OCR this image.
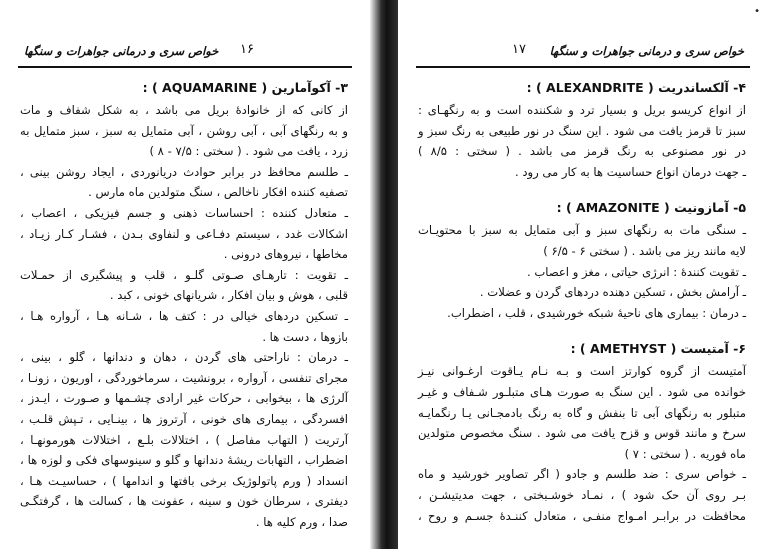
۱۶
خواص سری و درمانی جواهرات و سنگها
۳- آکوآمارین ( AQUAMARINE ) :
از کانی که از خانوادهٔ بریل می باشد ، به شکل شفاف و مات
و به رنگهای آبی ، آبی روشن ، آبی متمایل به سبز ، سبز متمایل به
زرد ، یافت می شود . ( سختی : ۷/۵ - ۸ )
ـ طلسم محافظ در برابر حوادث دریانوردی ، ایجاد روشن بینی ،
تصفیه کننده افکار ناخالص ، سنگ متولدین ماه مارس .
ـ متعادل کننده : احساسات ذهنی و جسم فیزیکی ، اعصاب ،
اشکالات غدد ، سیستم دفـاعی و لنفاوی بـدن ، فشـار کـار زیـاد ،
مخاطها ، نیروهای درونی .
ـ تقویت : تارهـای صـوتی گلـو ، قلب و پیشگیری از حمـلات
قلبی ، هوش و بیان افکار ، شریانهای خونی ، کبد .
ـ تسکین دردهای خیالی در : کتف ها ، شـانه هـا ، آرواره هـا ،
بازوها ، دست ها .
ـ درمان : ناراحتی های گردن ، دهان و دندانها ، گلو ، بینی ،
مجرای تنفسی ، آرواره ، برونشیت ، سرماخوردگی ، اوریون ، زونـا ،
آلرژی ها ، بیخوابی ، حرکات غیر ارادی چشـمها و صـورت ، ایـدز ،
افسردگی ، بیماری های خونی ، آرتروز ها ، بینـایی ، تـپش قلـب ،
آرتریت ( التهاب مفاصل ) ، اختلالات بلـع ، اختلالات هورمونهـا ،
اضطراب ، التهابات ریشهٔ دندانها و گلو و سینوسهای فکی و لوزه ها ،
انسداد ( ورم پاتولوژیک برخی بافتها و اندامها ) ، حساسیـت هـا ،
دیفتری ، سرطان خون و سینه ، عفونت ها ، کسالت ها ، گرفتگـی
صدا ، ورم کلیه ها .
•
خواص سری و درمانی جواهرات و سنگها
۱۷
۴- آلکساندریت ( ALEXANDRITE ) :
از انواع کریسو بریل و بسیار ترد و شکننده است و به رنگهـای :
سبز تا قرمز یافت می شود . این سنگ در نور طبیعی به رنگ سبز و
در نور مصنوعی به رنگ قرمز می باشد . ( سختی : ۸/۵ )
ـ جهت درمان انواع حساسیت ها به کار می رود .
۵- آمازونیت ( AMAZONITE ) :
ـ سنگی مات به رنگهای سبز و آبی متمایل به سبز با محتویـات
لایه مانند ریز می باشد . ( سختی ۶ - ۶/۵ )
ـ تقویت کنندهٔ : انرژی حیاتی ، مغز و اعصاب .
ـ آرامش بخش ، تسکین دهنده دردهای گردن و عضلات .
ـ درمان : بیماری های ناحیهٔ شبکه خورشیدی ، قلب ، اضطراب.
۶- آمتیست ( AMETHYST ) :
آمتیست از گروه کوارتز است و بـه نـام یـاقوت ارغـوانی نیـز
خوانده می شود . این سنگ به صورت هـای متبلـور شـفاف و غیـر
متبلور به رنگهای آبی تا بنفش و گاه به رنگ بادمجـانی یـا رنگمایـه
سرخ و مانند قوس و قزح یافت می شود . سنگ مخصوص متولدین
ماه فوریه . ( سختی : ۷ )
ـ خواص سری : ضد طلسم و جادو ( اگر تصاویر خورشید و ماه
بـر روی آن حک شود ) ، نمـاد خوشـبختی ، جهت مدیتیشـن ،
محافظت در برابـر امـواج منفـی ، متعادل کننـدهٔ جسـم و روح ،
